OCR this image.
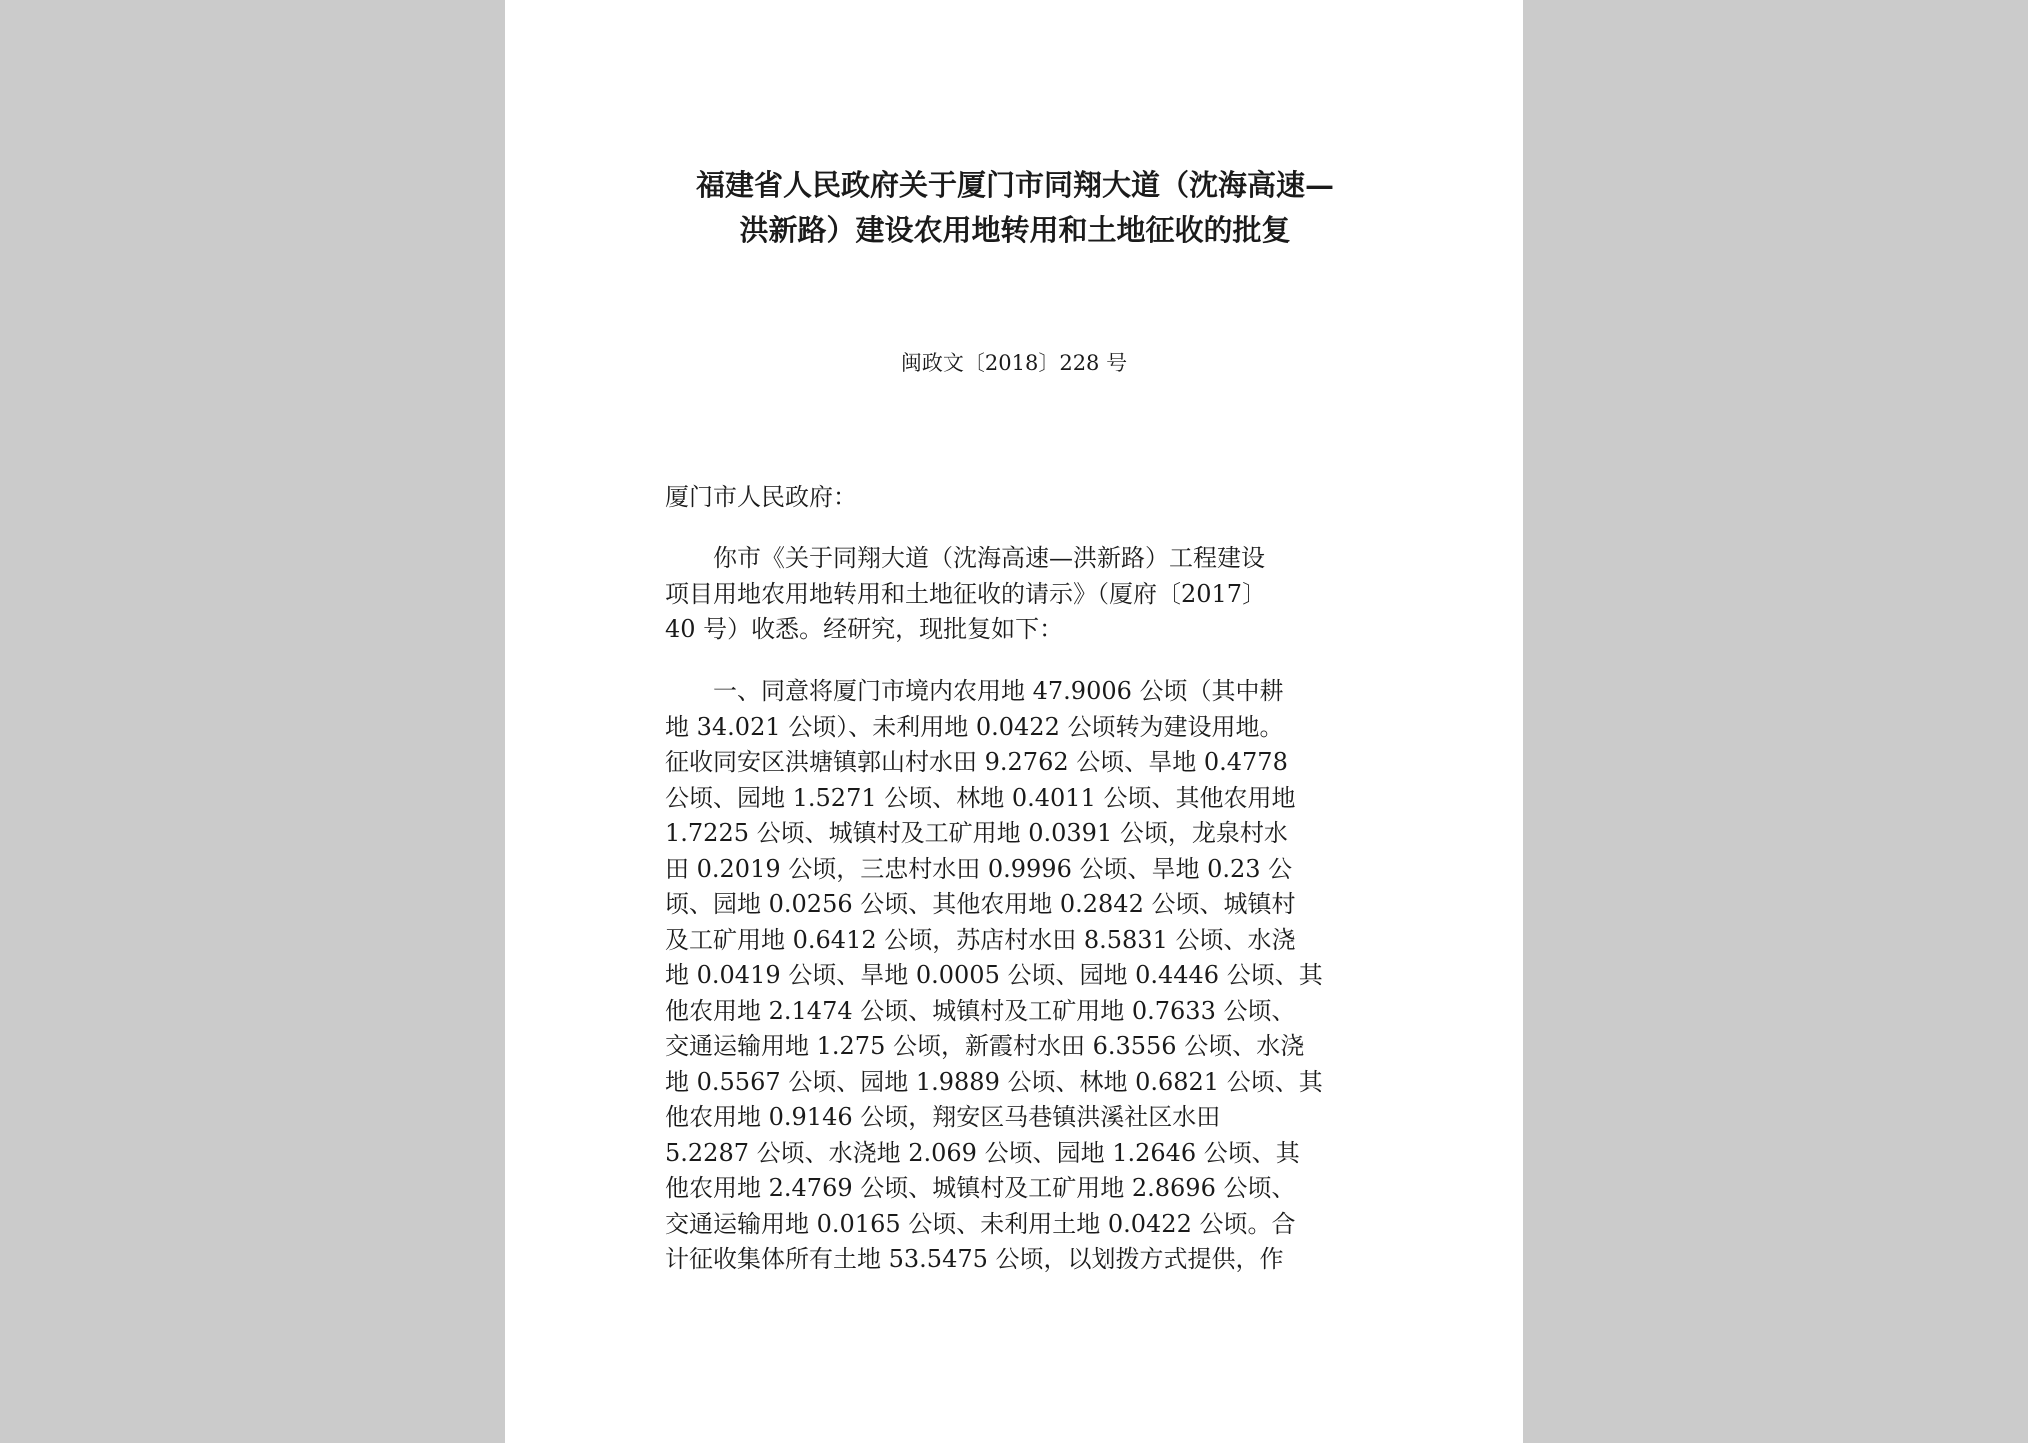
福建省人民政府关于厦门市同翔大道（沈海高速—
洪新路）建设农用地转用和土地征收的批复

闽政文〔2018〕228 号

厦门市人民政府：

　　你市《关于同翔大道（沈海高速—洪新路）工程建设
项目用地农用地转用和土地征收的请示》（厦府〔2017〕
40 号）收悉。经研究，现批复如下：

　　一、同意将厦门市境内农用地 47.9006 公顷（其中耕
地 34.021 公顷）、未利用地 0.0422 公顷转为建设用地。
征收同安区洪塘镇郭山村水田 9.2762 公顷、旱地 0.4778
公顷、园地 1.5271 公顷、林地 0.4011 公顷、其他农用地
1.7225 公顷、城镇村及工矿用地 0.0391 公顷，龙泉村水
田 0.2019 公顷，三忠村水田 0.9996 公顷、旱地 0.23 公
顷、园地 0.0256 公顷、其他农用地 0.2842 公顷、城镇村
及工矿用地 0.6412 公顷，苏店村水田 8.5831 公顷、水浇
地 0.0419 公顷、旱地 0.0005 公顷、园地 0.4446 公顷、其
他农用地 2.1474 公顷、城镇村及工矿用地 0.7633 公顷、
交通运输用地 1.275 公顷，新霞村水田 6.3556 公顷、水浇
地 0.5567 公顷、园地 1.9889 公顷、林地 0.6821 公顷、其
他农用地 0.9146 公顷，翔安区马巷镇洪溪社区水田
5.2287 公顷、水浇地 2.069 公顷、园地 1.2646 公顷、其
他农用地 2.4769 公顷、城镇村及工矿用地 2.8696 公顷、
交通运输用地 0.0165 公顷、未利用土地 0.0422 公顷。合
计征收集体所有土地 53.5475 公顷，以划拨方式提供，作
